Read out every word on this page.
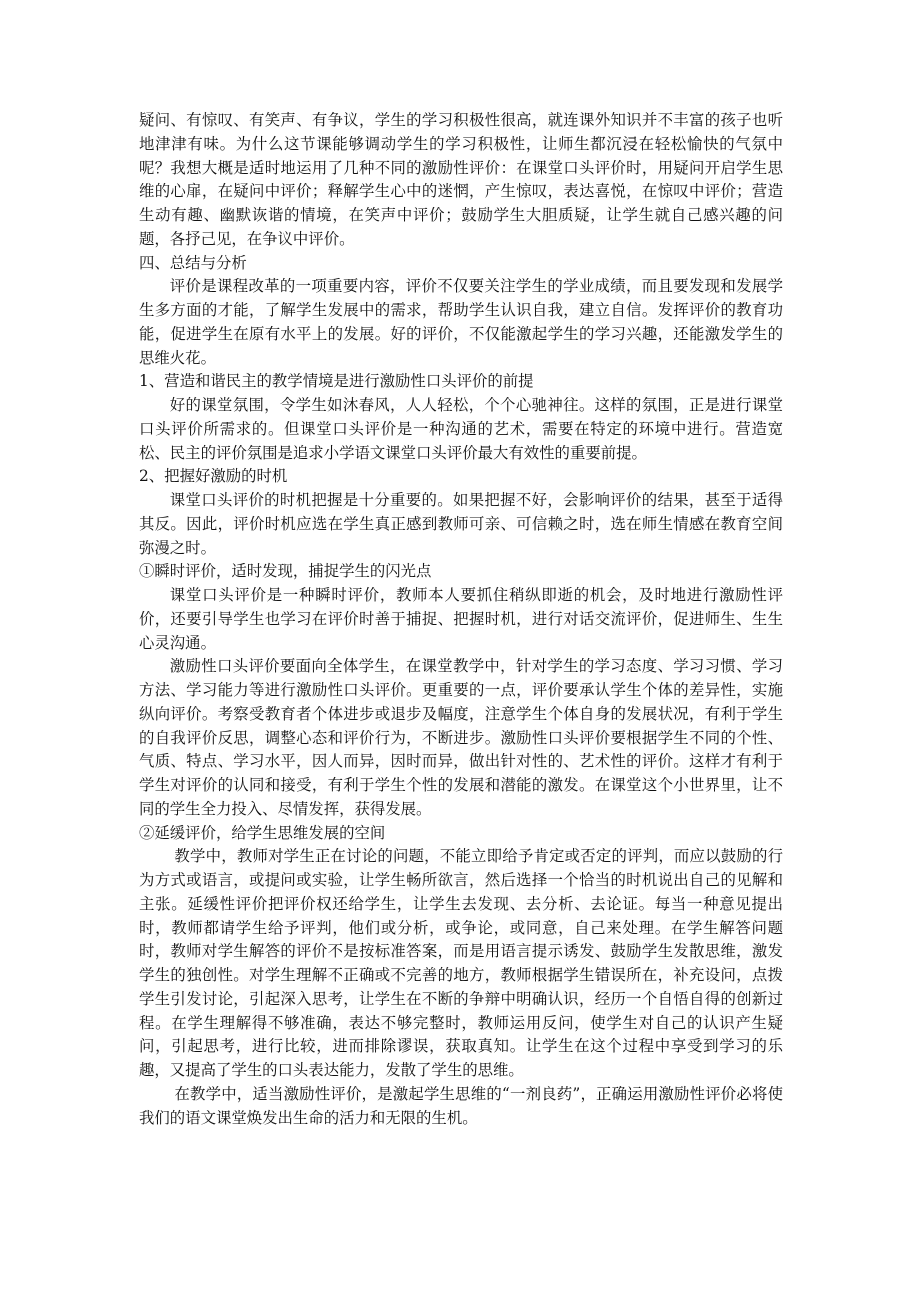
疑问、有惊叹、有笑声、有争议，学生的学习积极性很高，就连课外知识并不丰富的孩子也听地津津有味。为什么这节课能够调动学生的学习积极性，让师生都沉浸在轻松愉快的气氛中呢？我想大概是适时地运用了几种不同的激励性评价：在课堂口头评价时，用疑问开启学生思维的心扉，在疑问中评价；释解学生心中的迷惘，产生惊叹，表达喜悦，在惊叹中评价；营造生动有趣、幽默诙谐的情境，在笑声中评价；鼓励学生大胆质疑，让学生就自己感兴趣的问题，各抒己见，在争议中评价。

四、总结与分析

评价是课程改革的一项重要内容，评价不仅要关注学生的学业成绩，而且要发现和发展学生多方面的才能，了解学生发展中的需求，帮助学生认识自我，建立自信。发挥评价的教育功能，促进学生在原有水平上的发展。好的评价，不仅能激起学生的学习兴趣，还能激发学生的思维火花。

1、营造和谐民主的教学情境是进行激励性口头评价的前提

好的课堂氛围，令学生如沐春风，人人轻松，个个心驰神往。这样的氛围，正是进行课堂口头评价所需求的。但课堂口头评价是一种沟通的艺术，需要在特定的环境中进行。营造宽松、民主的评价氛围是追求小学语文课堂口头评价最大有效性的重要前提。

2、把握好激励的时机

课堂口头评价的时机把握是十分重要的。如果把握不好，会影响评价的结果，甚至于适得其反。因此，评价时机应选在学生真正感到教师可亲、可信赖之时，选在师生情感在教育空间弥漫之时。

①瞬时评价，适时发现，捕捉学生的闪光点

课堂口头评价是一种瞬时评价，教师本人要抓住稍纵即逝的机会，及时地进行激励性评价，还要引导学生也学习在评价时善于捕捉、把握时机，进行对话交流评价，促进师生、生生心灵沟通。

激励性口头评价要面向全体学生，在课堂教学中，针对学生的学习态度、学习习惯、学习方法、学习能力等进行激励性口头评价。更重要的一点，评价要承认学生个体的差异性，实施纵向评价。考察受教育者个体进步或退步及幅度，注意学生个体自身的发展状况，有利于学生的自我评价反思，调整心态和评价行为，不断进步。激励性口头评价要根据学生不同的个性、气质、特点、学习水平，因人而异，因时而异，做出针对性的、艺术性的评价。这样才有利于学生对评价的认同和接受，有利于学生个性的发展和潜能的激发。在课堂这个小世界里，让不同的学生全力投入、尽情发挥，获得发展。

②延缓评价，给学生思维发展的空间

教学中，教师对学生正在讨论的问题，不能立即给予肯定或否定的评判，而应以鼓励的行为方式或语言，或提问或实验，让学生畅所欲言，然后选择一个恰当的时机说出自己的见解和主张。延缓性评价把评价权还给学生，让学生去发现、去分析、去论证。每当一种意见提出时，教师都请学生给予评判，他们或分析，或争论，或同意，自己来处理。在学生解答问题时，教师对学生解答的评价不是按标准答案，而是用语言提示诱发、鼓励学生发散思维，激发学生的独创性。对学生理解不正确或不完善的地方，教师根据学生错误所在，补充设问，点拨学生引发讨论，引起深入思考，让学生在不断的争辩中明确认识，经历一个自悟自得的创新过程。在学生理解得不够准确，表达不够完整时，教师运用反问，使学生对自己的认识产生疑问，引起思考，进行比较，进而排除谬误，获取真知。让学生在这个过程中享受到学习的乐趣，又提高了学生的口头表达能力，发散了学生的思维。

在教学中，适当激励性评价，是激起学生思维的“一剂良药”，正确运用激励性评价必将使我们的语文课堂焕发出生命的活力和无限的生机。
